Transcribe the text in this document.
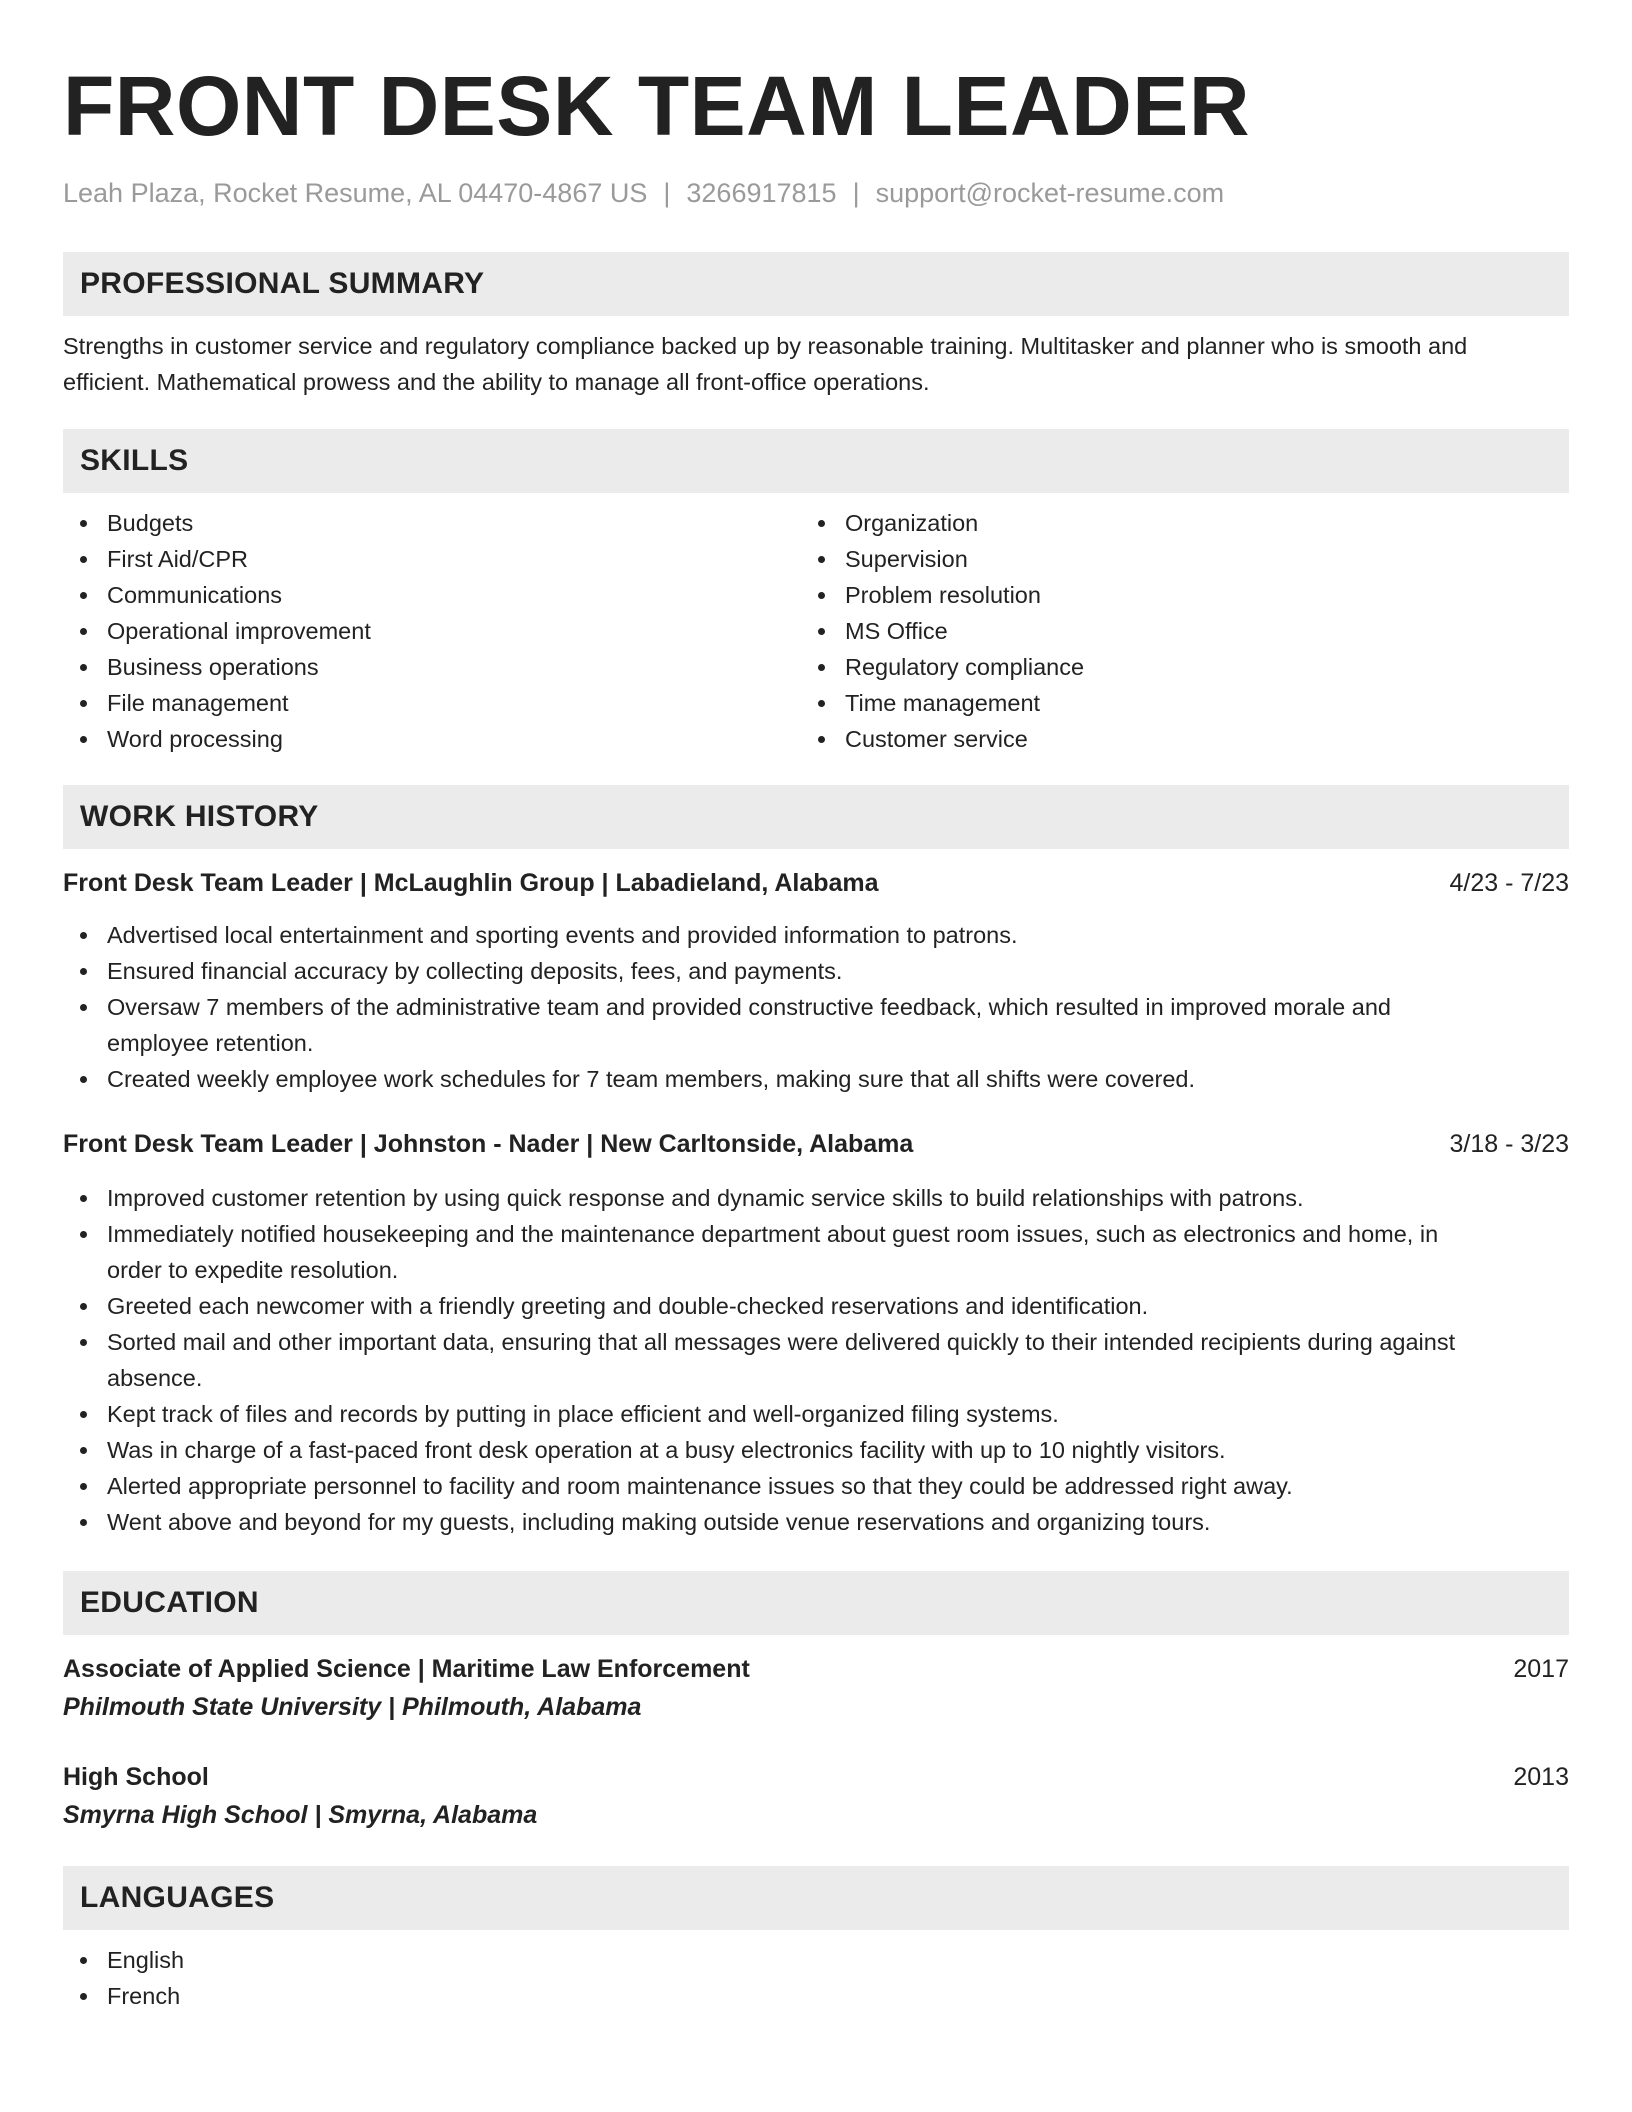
FRONT DESK TEAM LEADER
Leah Plaza, Rocket Resume, AL 04470-4867 US | 3266917815 | support@rocket-resume.com
PROFESSIONAL SUMMARY
Strengths in customer service and regulatory compliance backed up by reasonable training. Multitasker and planner who is smooth and
efficient. Mathematical prowess and the ability to manage all front-office operations.
SKILLS
Budgets
First Aid/CPR
Communications
Operational improvement
Business operations
File management
Word processing
Organization
Supervision
Problem resolution
MS Office
Regulatory compliance
Time management
Customer service
WORK HISTORY
Front Desk Team Leader | McLaughlin Group | Labadieland, Alabama	4/23 - 7/23
Advertised local entertainment and sporting events and provided information to patrons.
Ensured financial accuracy by collecting deposits, fees, and payments.
Oversaw 7 members of the administrative team and provided constructive feedback, which resulted in improved morale and
employee retention.
Created weekly employee work schedules for 7 team members, making sure that all shifts were covered.
Front Desk Team Leader | Johnston - Nader | New Carltonside, Alabama	3/18 - 3/23
Improved customer retention by using quick response and dynamic service skills to build relationships with patrons.
Immediately notified housekeeping and the maintenance department about guest room issues, such as electronics and home, in
order to expedite resolution.
Greeted each newcomer with a friendly greeting and double-checked reservations and identification.
Sorted mail and other important data, ensuring that all messages were delivered quickly to their intended recipients during against
absence.
Kept track of files and records by putting in place efficient and well-organized filing systems.
Was in charge of a fast-paced front desk operation at a busy electronics facility with up to 10 nightly visitors.
Alerted appropriate personnel to facility and room maintenance issues so that they could be addressed right away.
Went above and beyond for my guests, including making outside venue reservations and organizing tours.
EDUCATION
Associate of Applied Science | Maritime Law Enforcement	2017
Philmouth State University | Philmouth, Alabama
High School	2013
Smyrna High School | Smyrna, Alabama
LANGUAGES
English
French
